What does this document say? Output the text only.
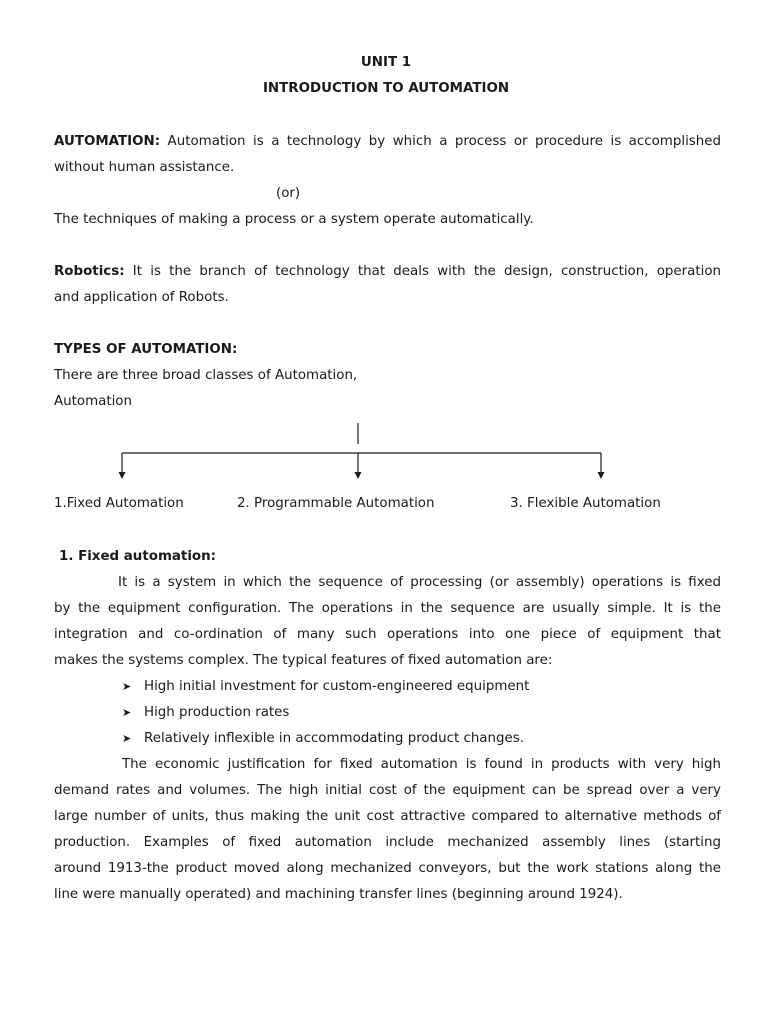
UNIT 1
INTRODUCTION TO AUTOMATION
AUTOMATION: Automation is a technology by which a process or procedure is accomplished
without human assistance.
(or)
The techniques of making a process or a system operate automatically.
Robotics: It is the branch of technology that deals with the design, construction, operation
and application of Robots.
TYPES OF AUTOMATION:
There are three broad classes of Automation,
Automation
1.Fixed Automation	2. Programmable Automation	3. Flexible Automation
1. Fixed automation:
It is a system in which the sequence of processing (or assembly) operations is fixed
by the equipment configuration. The operations in the sequence are usually simple. It is the
integration and co-ordination of many such operations into one piece of equipment that
makes the systems complex. The typical features of fixed automation are:
➤ High initial investment for custom-engineered equipment
➤ High production rates
➤ Relatively inflexible in accommodating product changes.
The economic justification for fixed automation is found in products with very high
demand rates and volumes. The high initial cost of the equipment can be spread over a very
large number of units, thus making the unit cost attractive compared to alternative methods of
production. Examples of fixed automation include mechanized assembly lines (starting
around 1913-the product moved along mechanized conveyors, but the work stations along the
line were manually operated) and machining transfer lines (beginning around 1924).
